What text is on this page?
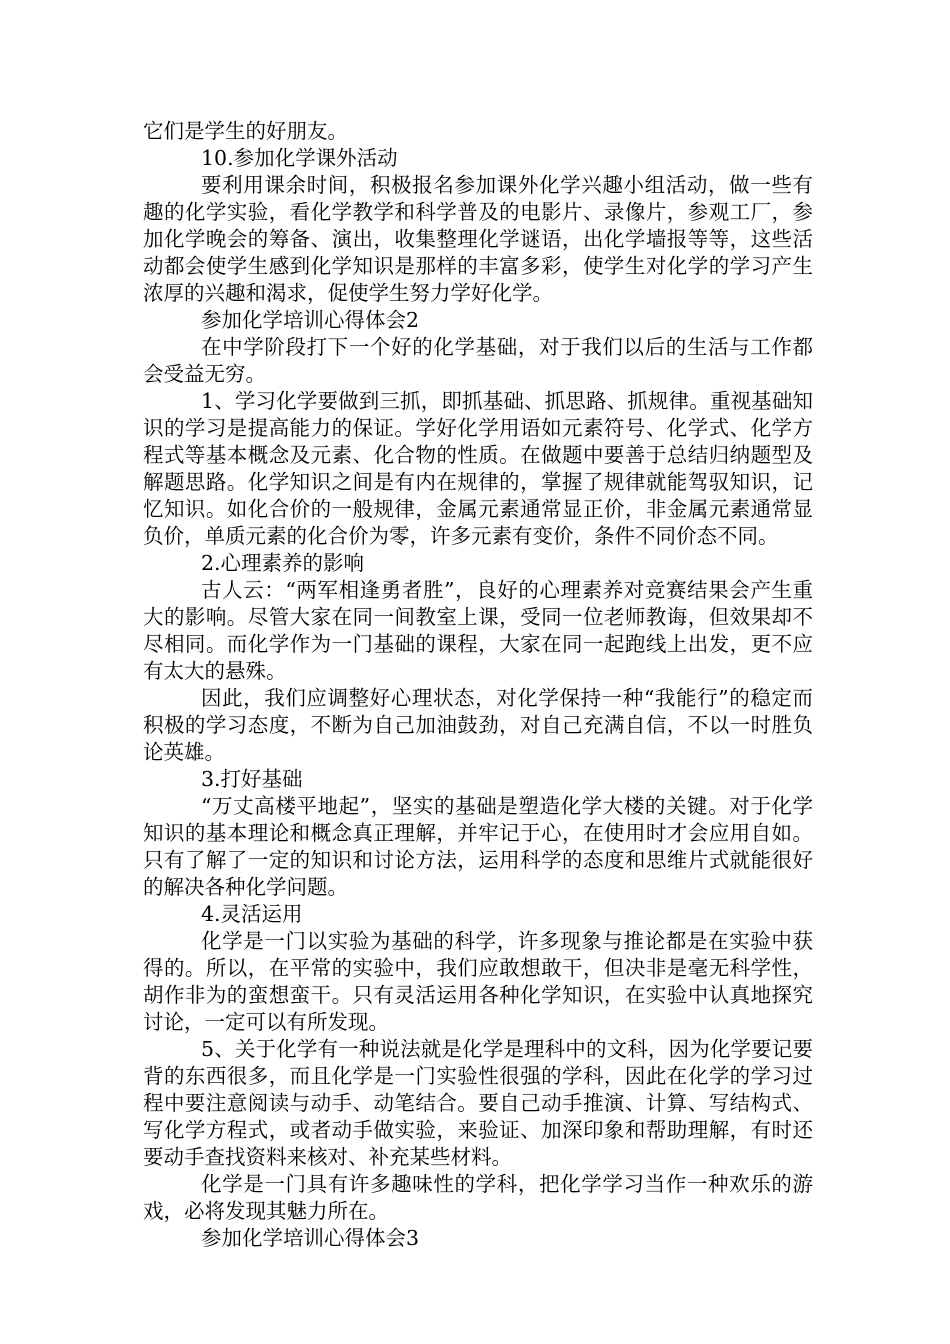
它们是学生的好朋友。

10.参加化学课外活动

要利用课余时间，积极报名参加课外化学兴趣小组活动，做一些有趣的化学实验，看化学教学和科学普及的电影片、录像片，参观工厂，参加化学晚会的筹备、演出，收集整理化学谜语，出化学墙报等等，这些活动都会使学生感到化学知识是那样的丰富多彩，使学生对化学的学习产生浓厚的兴趣和渴求，促使学生努力学好化学。

参加化学培训心得体会2

在中学阶段打下一个好的化学基础，对于我们以后的生活与工作都会受益无穷。

1、学习化学要做到三抓，即抓基础、抓思路、抓规律。重视基础知识的学习是提高能力的保证。学好化学用语如元素符号、化学式、化学方程式等基本概念及元素、化合物的性质。在做题中要善于总结归纳题型及解题思路。化学知识之间是有内在规律的，掌握了规律就能驾驭知识，记忆知识。如化合价的一般规律，金属元素通常显正价，非金属元素通常显负价，单质元素的化合价为零，许多元素有变价，条件不同价态不同。

2.心理素养的影响

古人云：“两军相逢勇者胜”，良好的心理素养对竞赛结果会产生重大的影响。尽管大家在同一间教室上课，受同一位老师教诲，但效果却不尽相同。而化学作为一门基础的课程，大家在同一起跑线上出发，更不应有太大的悬殊。

因此，我们应调整好心理状态，对化学保持一种“我能行”的稳定而积极的学习态度，不断为自己加油鼓劲，对自己充满自信，不以一时胜负论英雄。

3.打好基础

“万丈高楼平地起”，坚实的基础是塑造化学大楼的关键。对于化学知识的基本理论和概念真正理解，并牢记于心，在使用时才会应用自如。只有了解了一定的知识和讨论方法，运用科学的态度和思维片式就能很好的解决各种化学问题。

4.灵活运用

化学是一门以实验为基础的科学，许多现象与推论都是在实验中获得的。所以，在平常的实验中，我们应敢想敢干，但决非是毫无科学性，胡作非为的蛮想蛮干。只有灵活运用各种化学知识，在实验中认真地探究讨论，一定可以有所发现。

5、关于化学有一种说法就是化学是理科中的文科，因为化学要记要背的东西很多，而且化学是一门实验性很强的学科，因此在化学的学习过程中要注意阅读与动手、动笔结合。要自己动手推演、计算、写结构式、写化学方程式，或者动手做实验，来验证、加深印象和帮助理解，有时还要动手查找资料来核对、补充某些材料。

化学是一门具有许多趣味性的学科，把化学学习当作一种欢乐的游戏，必将发现其魅力所在。

参加化学培训心得体会3
